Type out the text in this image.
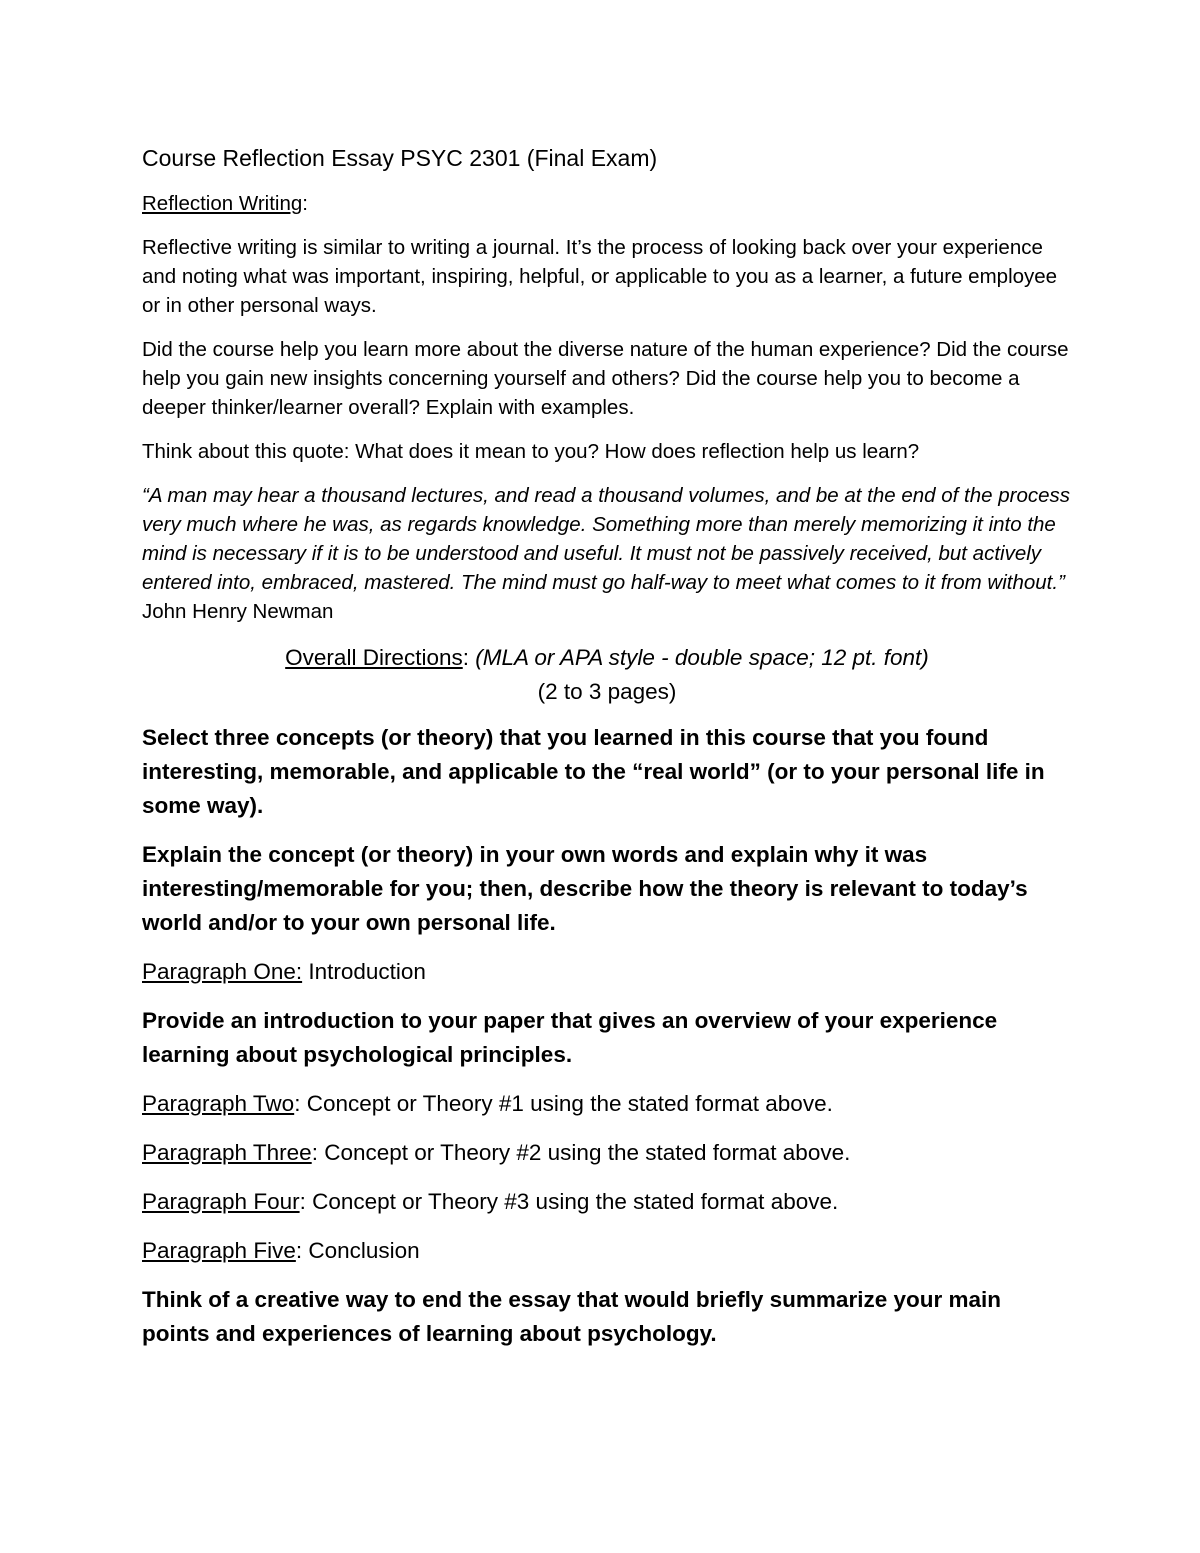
Course Reflection Essay PSYC 2301 (Final Exam)

Reflection Writing:

Reflective writing is similar to writing a journal. It’s the process of looking back over your experience and noting what was important, inspiring, helpful, or applicable to you as a learner, a future employee or in other personal ways.

Did the course help you learn more about the diverse nature of the human experience? Did the course help you gain new insights concerning yourself and others? Did the course help you to become a deeper thinker/learner overall? Explain with examples.

Think about this quote: What does it mean to you? How does reflection help us learn?

“A man may hear a thousand lectures, and read a thousand volumes, and be at the end of the process very much where he was, as regards knowledge. Something more than merely memorizing it into the mind is necessary if it is to be understood and useful. It must not be passively received, but actively entered into, embraced, mastered. The mind must go half-way to meet what comes to it from without.” John Henry Newman

Overall Directions: (MLA or APA style - double space; 12 pt. font)
(2 to 3 pages)

Select three concepts (or theory) that you learned in this course that you found interesting, memorable, and applicable to the “real world” (or to your personal life in some way).

Explain the concept (or theory) in your own words and explain why it was interesting/memorable for you; then, describe how the theory is relevant to today’s world and/or to your own personal life.

Paragraph One: Introduction

Provide an introduction to your paper that gives an overview of your experience learning about psychological principles.

Paragraph Two: Concept or Theory #1 using the stated format above.

Paragraph Three: Concept or Theory #2 using the stated format above.

Paragraph Four: Concept or Theory #3 using the stated format above.

Paragraph Five: Conclusion

Think of a creative way to end the essay that would briefly summarize your main points and experiences of learning about psychology.
